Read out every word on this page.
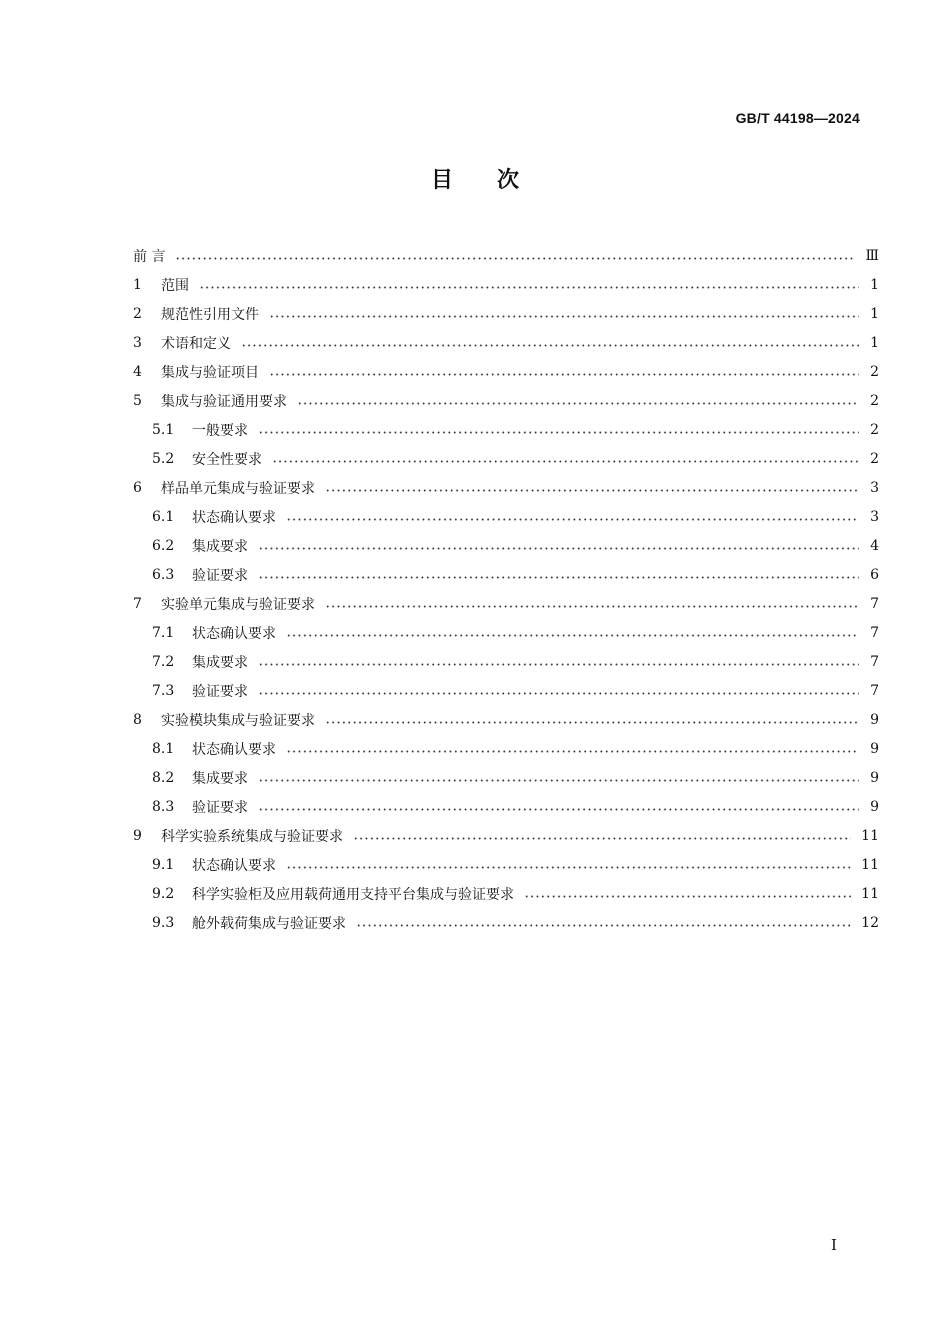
GB/T 44198—2024
目 次
前 言	Ⅲ
1	范围	1
2	规范性引用文件	1
3	术语和定义	1
4	集成与验证项目	2
5	集成与验证通用要求	2
5.1	一般要求	2
5.2	安全性要求	2
6	样品单元集成与验证要求	3
6.1	状态确认要求	3
6.2	集成要求	4
6.3	验证要求	6
7	实验单元集成与验证要求	7
7.1	状态确认要求	7
7.2	集成要求	7
7.3	验证要求	7
8	实验模块集成与验证要求	9
8.1	状态确认要求	9
8.2	集成要求	9
8.3	验证要求	9
9	科学实验系统集成与验证要求	11
9.1	状态确认要求	11
9.2	科学实验柜及应用载荷通用支持平台集成与验证要求	11
9.3	舱外载荷集成与验证要求	12
Ⅰ
